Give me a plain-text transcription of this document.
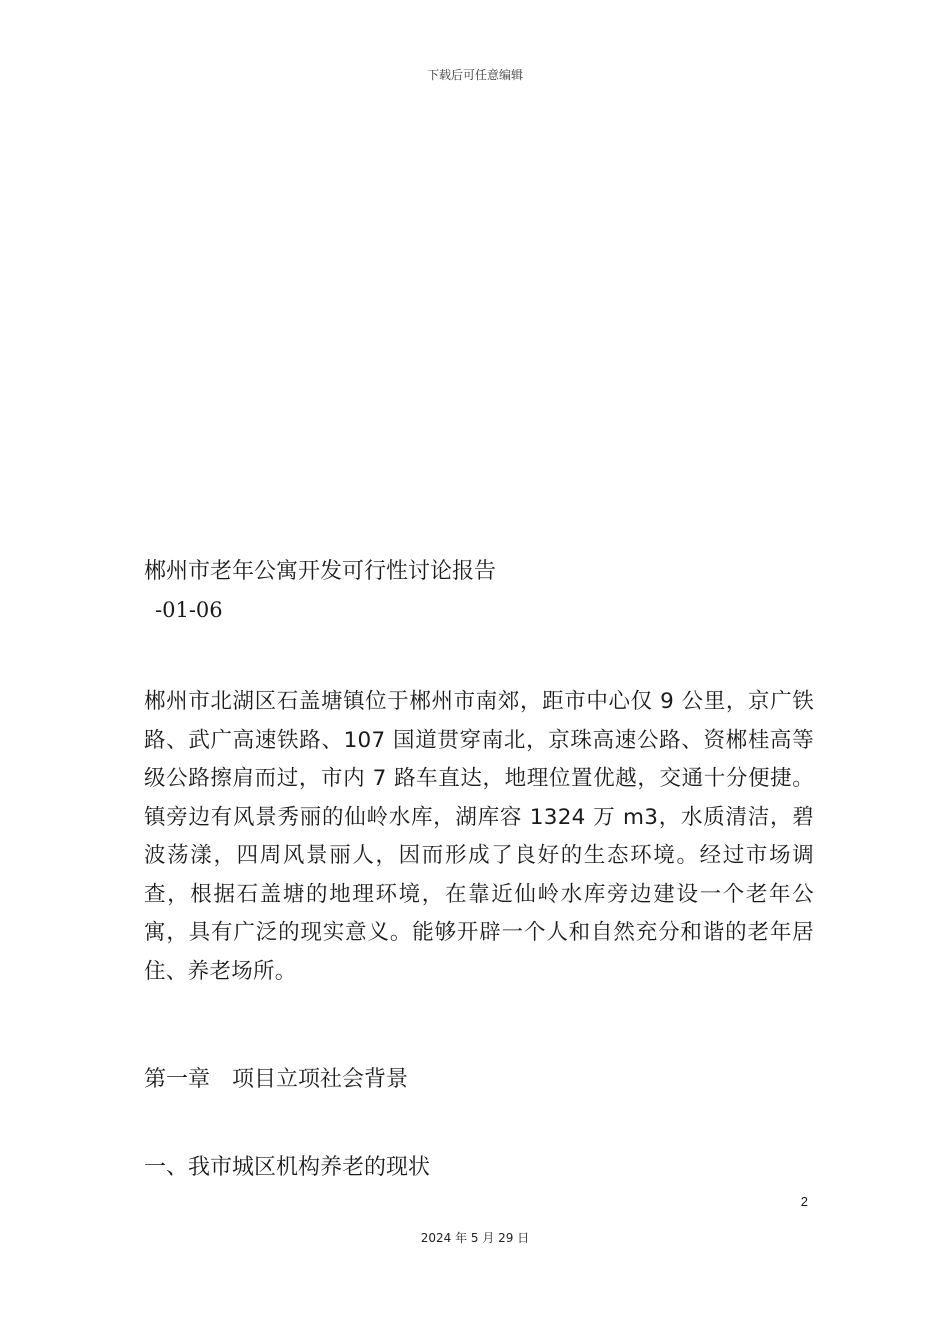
下载后可任意编辑
郴州市老年公寓开发可行性讨论报告
-01-06
郴州市北湖区石盖塘镇位于郴州市南郊，距市中心仅 9 公里，京广铁路、武广高速铁路、107 国道贯穿南北，京珠高速公路、资郴桂高等级公路擦肩而过，市内 7 路车直达，地理位置优越，交通十分便捷。镇旁边有风景秀丽的仙岭水库，湖库容 1324 万 m3，水质清洁，碧波荡漾，四周风景丽人，因而形成了良好的生态环境。经过市场调查，根据石盖塘的地理环境，在靠近仙岭水库旁边建设一个老年公寓，具有广泛的现实意义。能够开辟一个人和自然充分和谐的老年居住、养老场所。
第一章　项目立项社会背景
一、我市城区机构养老的现状
2
2024 年 5 月 29 日
